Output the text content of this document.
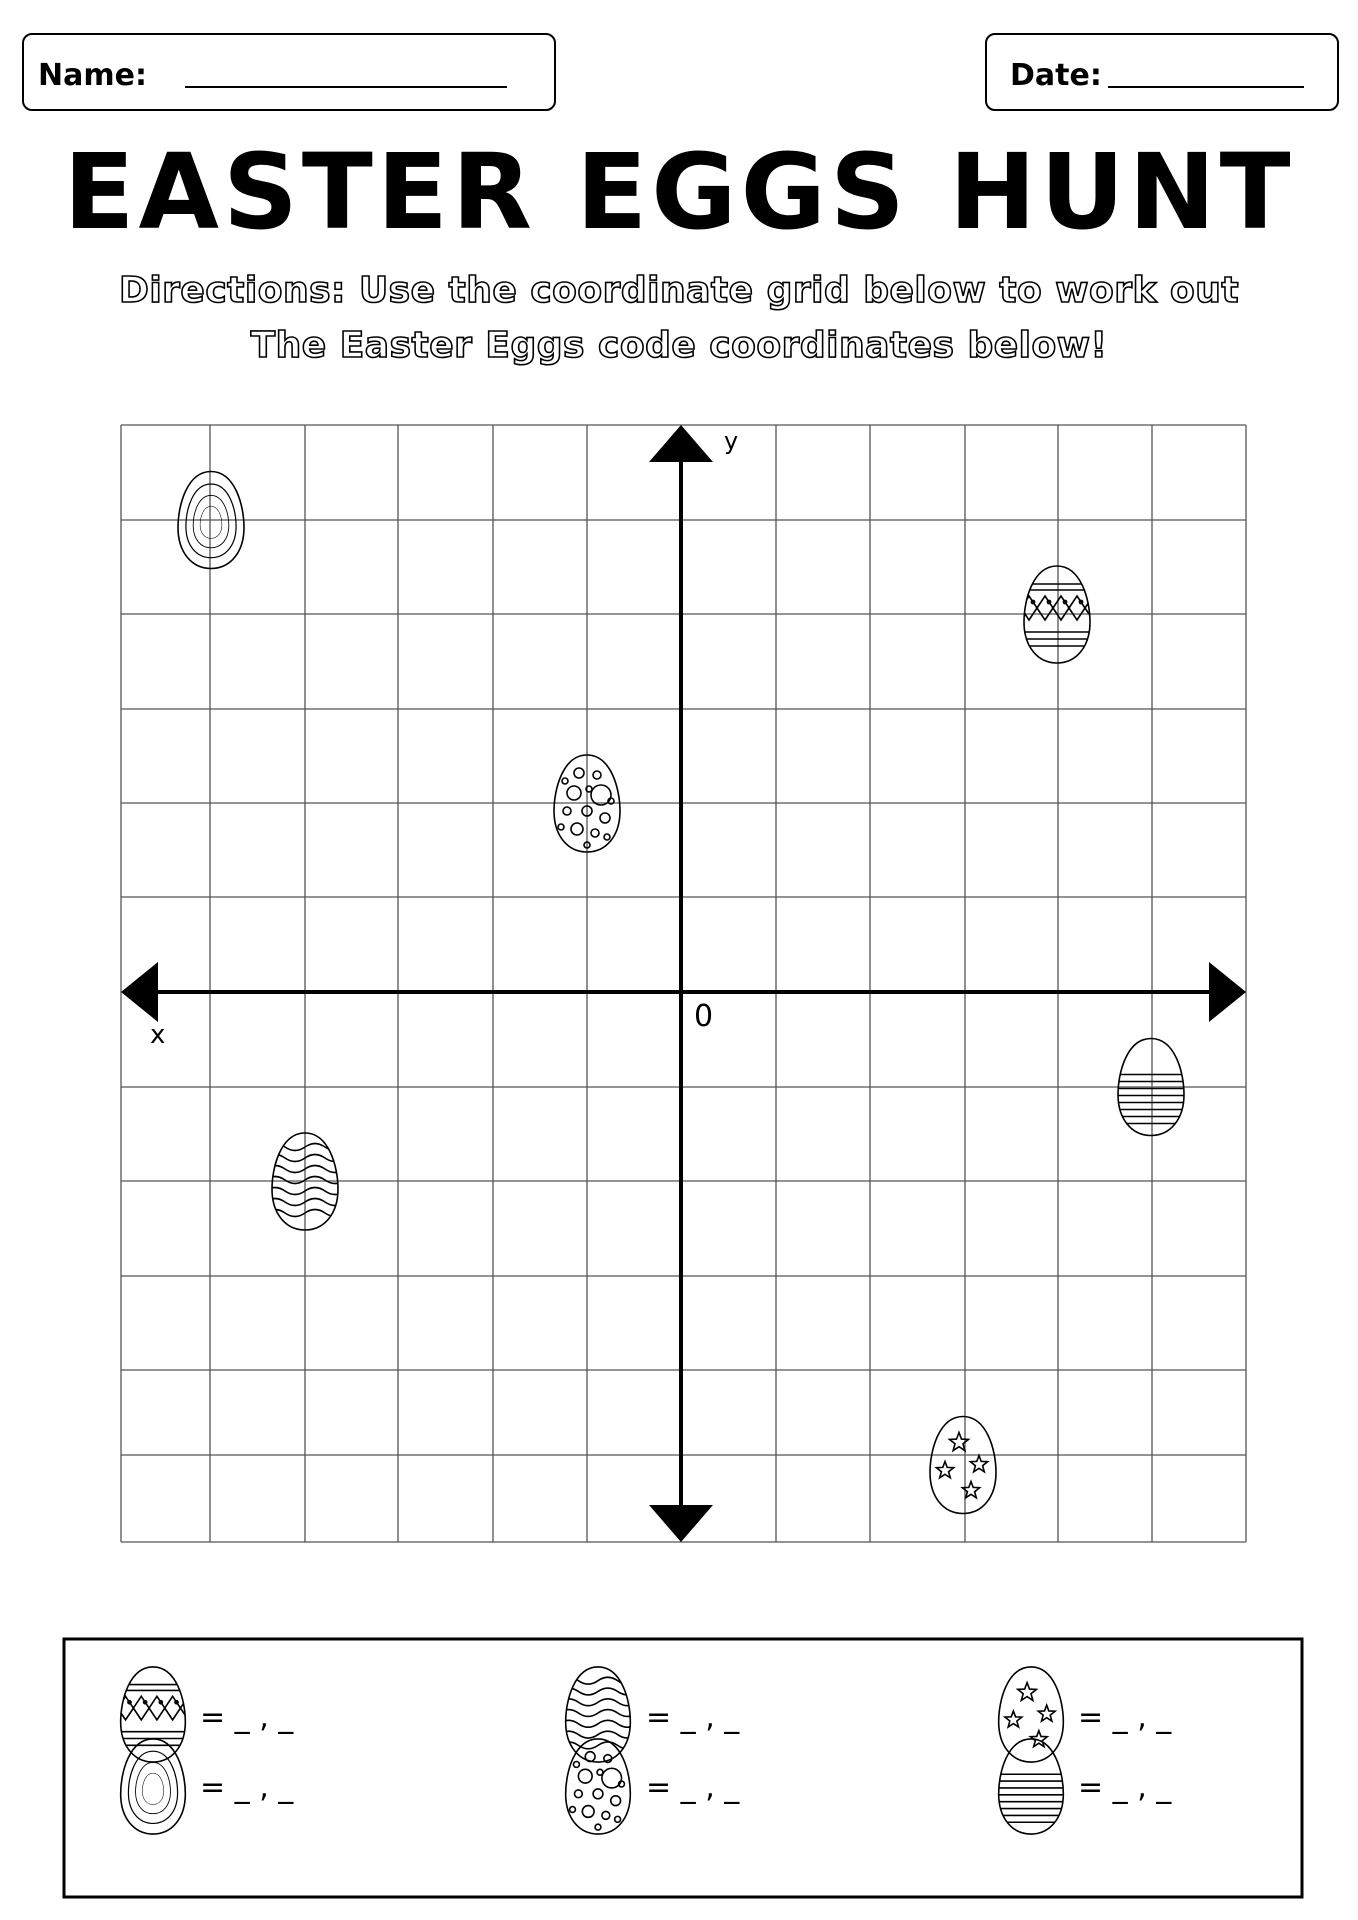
Name:	Date:
EASTER EGGS HUNT
Directions: Use the coordinate grid below to work out
The Easter Eggs code coordinates below!
x
y
0
= _ , _	= _ , _	= _ , _
= _ , _	= _ , _	= _ , _
